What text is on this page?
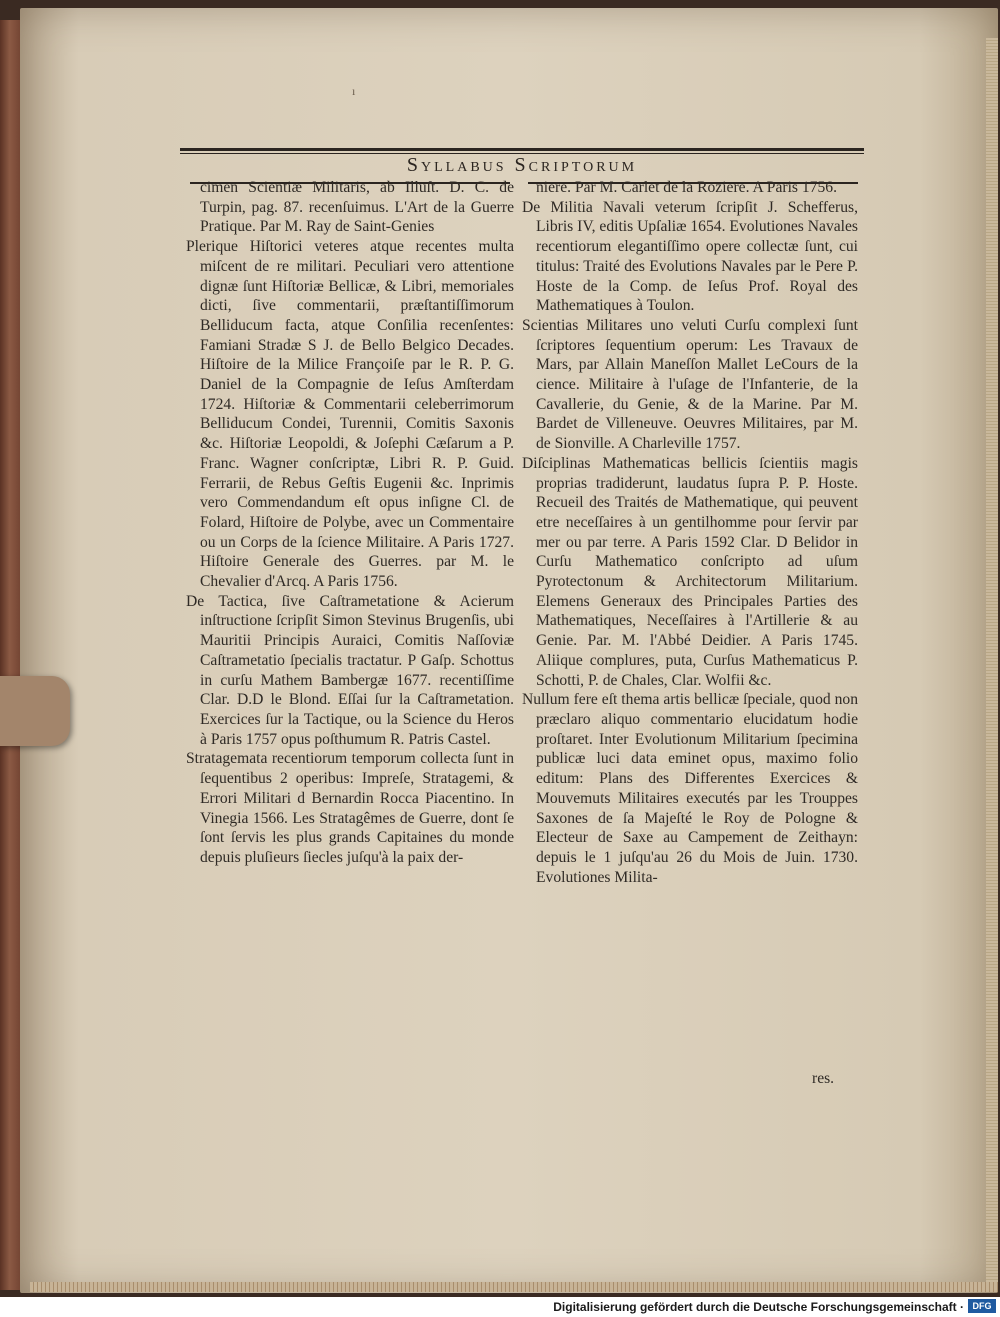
ı
Syllabus Scriptorum

cimen Scientiæ Militaris, ab Illuſt. D. C. de Turpin, pag. 87. recenſuimus. L'Art de la Guerre Pratique. Par M. Ray de Saint-Genies

Plerique Hiſtorici veteres atque recentes multa miſcent de re militari. Peculiari vero attentione dignæ ſunt Hiſtoriæ Bellicæ, & Libri, memoriales dicti, ſive commentarii, præſtantiſſimorum Belliducum facta, atque Conſilia recenſentes: Famiani Stradæ S J. de Bello Belgico Decades. Hiſtoire de la Milice Françoiſe par le R. P. G. Daniel de la Compagnie de Ieſus Amſterdam 1724. Hiſtoriæ & Commentarii celeberrimorum Belliducum Condei, Turennii, Comitis Saxonis &c. Hiſtoriæ Leopoldi, & Joſephi Cæſarum a P. Franc. Wagner conſcriptæ, Libri R. P. Guid. Ferrarii, de Rebus Geſtis Eugenii &c. Inprimis vero Commendandum eſt opus inſigne Cl. de Folard, Hiſtoire de Polybe, avec un Commentaire ou un Corps de la ſcience Militaire. A Paris 1727. Hiſtoire Generale des Guerres. par M. le Chevalier d'Arcq. A Paris 1756.

De Tactica, ſive Caſtrametatione & Acierum inſtructione ſcripſit Simon Stevinus Brugenſis, ubi Mauritii Principis Auraici, Comitis Naſſoviæ Caſtrametatio ſpecialis tractatur. P Gaſp. Schottus in curſu Mathem Bambergæ 1677. recentiſſime Clar. D.D le Blond. Eſſai ſur la Caſtrametation. Exercices ſur la Tactique, ou la Science du Heros à Paris 1757 opus poſthumum R. Patris Castel.

Stratagemata recentiorum temporum collecta ſunt in ſequentibus 2 operibus: Impreſe, Stratagemi, & Errori Militari d Bernardin Rocca Piacentino. In Vinegia 1566. Les Stratagêmes de Guerre, dont ſe ſont ſervis les plus grands Capitaines du monde depuis pluſieurs ſiecles juſqu'à la paix der-

niere. Par M. Carlet de la Roziere. A Paris 1756.

De Militia Navali veterum ſcripſit J. Schefferus, Libris IV, editis Upſaliæ 1654. Evolutiones Navales recentiorum elegantiſſimo opere collectæ ſunt, cui titulus: Traité des Evolutions Navales par le Pere P. Hoste de la Comp. de Ieſus Prof. Royal des Mathematiques à Toulon.

Scientias Militares uno veluti Curſu complexi ſunt ſcriptores ſequentium operum: Les Travaux de Mars, par Allain Maneſſon Mallet LeCours de la cience. Militaire à l'uſage de l'Infanterie, de la Cavallerie, du Genie, & de la Marine. Par M. Bardet de Villeneuve. Oeuvres Militaires, par M. de Sionville. A Charleville 1757.

Diſciplinas Mathematicas bellicis ſcientiis magis proprias tradiderunt, laudatus ſupra P. P. Hoste. Recueil des Traités de Mathematique, qui peuvent etre neceſſaires à un gentilhomme pour ſervir par mer ou par terre. A Paris 1592 Clar. D Belidor in Curſu Mathematico conſcripto ad uſum Pyrotectonum & Architectorum Militarium. Elemens Generaux des Principales Parties des Mathematiques, Neceſſaires à l'Artillerie & au Genie. Par. M. l'Abbé Deidier. A Paris 1745. Aliique complures, puta, Curſus Mathematicus P. Schotti, P. de Chales, Clar. Wolfii &c.

Nullum fere eſt thema artis bellicæ ſpeciale, quod non præclaro aliquo commentario elucidatum hodie proſtaret. Inter Evolutionum Militarium ſpecimina publicæ luci data eminet opus, maximo folio editum: Plans des Differentes Exercices & Mouvemuts Militaires executés par les Trouppes Saxones de ſa Majeſté le Roy de Pologne & Electeur de Saxe au Campement de Zeithayn: depuis le 1 juſqu'au 26 du Mois de Juin. 1730. Evolutiones Milita-

res.
Digitalisierung gefördert durch die Deutsche Forschungsgemeinschaft · DFG
